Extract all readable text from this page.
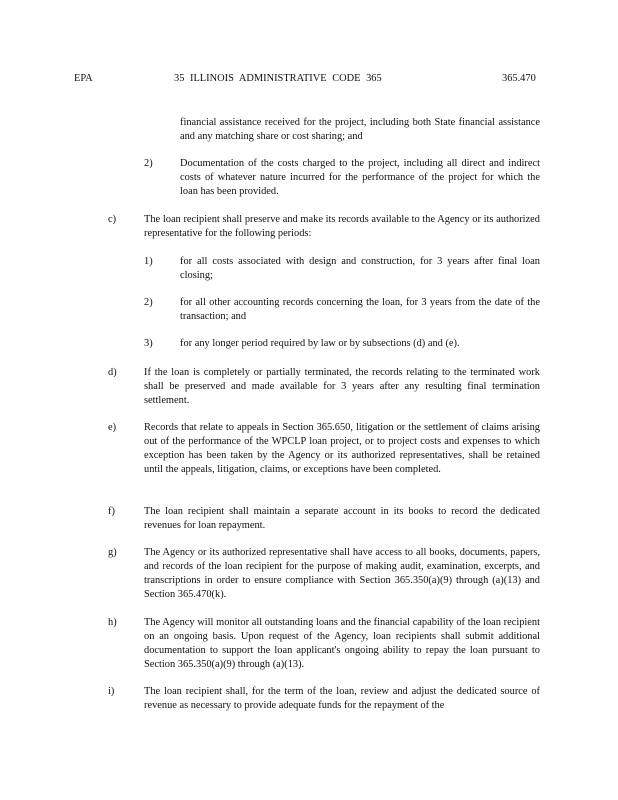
EPA	35 ILLINOIS ADMINISTRATIVE CODE 365	365.470
financial assistance received for the project, including both State financial assistance and any matching share or cost sharing; and
2)	Documentation of the costs charged to the project, including all direct and indirect costs of whatever nature incurred for the performance of the project for which the loan has been provided.
c)	The loan recipient shall preserve and make its records available to the Agency or its authorized representative for the following periods:
1)	for all costs associated with design and construction, for 3 years after final loan closing;
2)	for all other accounting records concerning the loan, for 3 years from the date of the transaction; and
3)	for any longer period required by law or by subsections (d) and (e).
d)	If the loan is completely or partially terminated, the records relating to the terminated work shall be preserved and made available for 3 years after any resulting final termination settlement.
e)	Records that relate to appeals in Section 365.650, litigation or the settlement of claims arising out of the performance of the WPCLP loan project, or to project costs and expenses to which exception has been taken by the Agency or its authorized representatives, shall be retained until the appeals, litigation, claims, or exceptions have been completed.
f)	The loan recipient shall maintain a separate account in its books to record the dedicated revenues for loan repayment.
g)	The Agency or its authorized representative shall have access to all books, documents, papers, and records of the loan recipient for the purpose of making audit, examination, excerpts, and transcriptions in order to ensure compliance with Section 365.350(a)(9) through (a)(13) and Section 365.470(k).
h)	The Agency will monitor all outstanding loans and the financial capability of the loan recipient on an ongoing basis. Upon request of the Agency, loan recipients shall submit additional documentation to support the loan applicant's ongoing ability to repay the loan pursuant to Section 365.350(a)(9) through (a)(13).
i)	The loan recipient shall, for the term of the loan, review and adjust the dedicated source of revenue as necessary to provide adequate funds for the repayment of the
